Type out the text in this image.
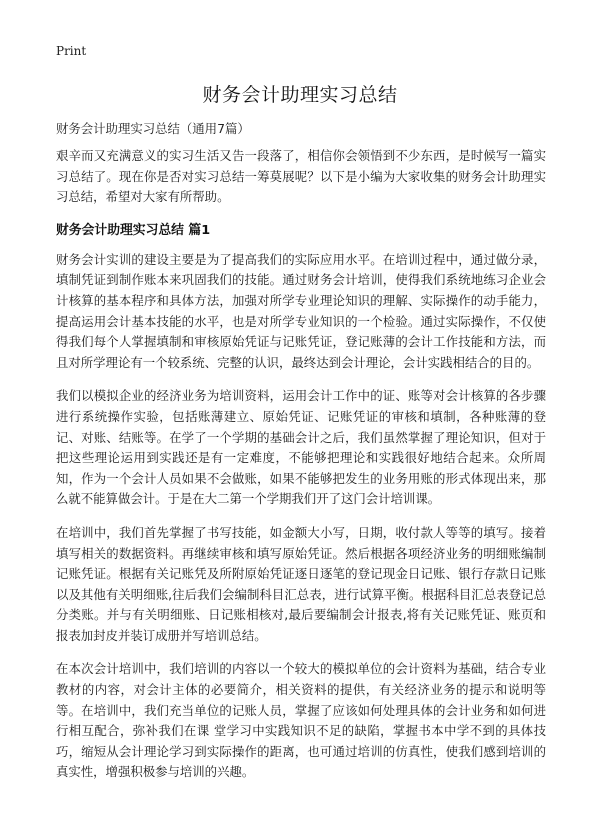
Print
财务会计助理实习总结
财务会计助理实习总结（通用7篇）

艰辛而又充满意义的实习生活又告一段落了，相信你会领悟到不少东西，是时候写一篇实习总结了。现在你是否对实习总结一筹莫展呢？以下是小编为大家收集的财务会计助理实习总结，希望对大家有所帮助。

财务会计助理实习总结 篇1

财务会计实训的建设主要是为了提高我们的实际应用水平。在培训过程中，通过做分录，填制凭证到制作账本来巩固我们的技能。通过财务会计培训，使得我们系统地练习企业会计核算的基本程序和具体方法，加强对所学专业理论知识的理解、实际操作的动手能力，提高运用会计基本技能的水平，也是对所学专业知识的一个检验。通过实际操作，不仅使得我们每个人掌握填制和审核原始凭证与记账凭证，登记账薄的会计工作技能和方法，而且对所学理论有一个较系统、完整的认识，最终达到会计理论，会计实践相结合的目的。

我们以模拟企业的经济业务为培训资料，运用会计工作中的证、账等对会计核算的各步骤进行系统操作实验，包括账薄建立、原始凭证、记账凭证的审核和填制，各种账薄的登记、对账、结账等。在学了一个学期的基础会计之后，我们虽然掌握了理论知识，但对于把这些理论运用到实践还是有一定难度，不能够把理论和实践很好地结合起来。众所周知，作为一个会计人员如果不会做账，如果不能够把发生的业务用账的形式体现出来，那么就不能算做会计。于是在大二第一个学期我们开了这门会计培训课。

在培训中，我们首先掌握了书写技能，如金额大小写，日期，收付款人等等的填写。接着填写相关的数据资料。再继续审核和填写原始凭证。然后根据各项经济业务的明细账编制记账凭证。根据有关记账凭及所附原始凭证逐日逐笔的登记现金日记账、银行存款日记账以及其他有关明细账,往后我们会编制科目汇总表，进行试算平衡。根据科目汇总表登记总分类账。并与有关明细账、日记账相核对,最后要编制会计报表,将有关记账凭证、账页和报表加封皮并装订成册并写培训总结。

在本次会计培训中，我们培训的内容以一个较大的模拟单位的会计资料为基础，结合专业教材的内容，对会计主体的必要简介，相关资料的提供，有关经济业务的提示和说明等等。在培训中，我们充当单位的记账人员，掌握了应该如何处理具体的会计业务和如何进行相互配合，弥补我们在课 堂学习中实践知识不足的缺陷，掌握书本中学不到的具体技巧，缩短从会计理论学习到实际操作的距离，也可通过培训的仿真性，使我们感到培训的真实性，增强积极参与培训的兴趣。
